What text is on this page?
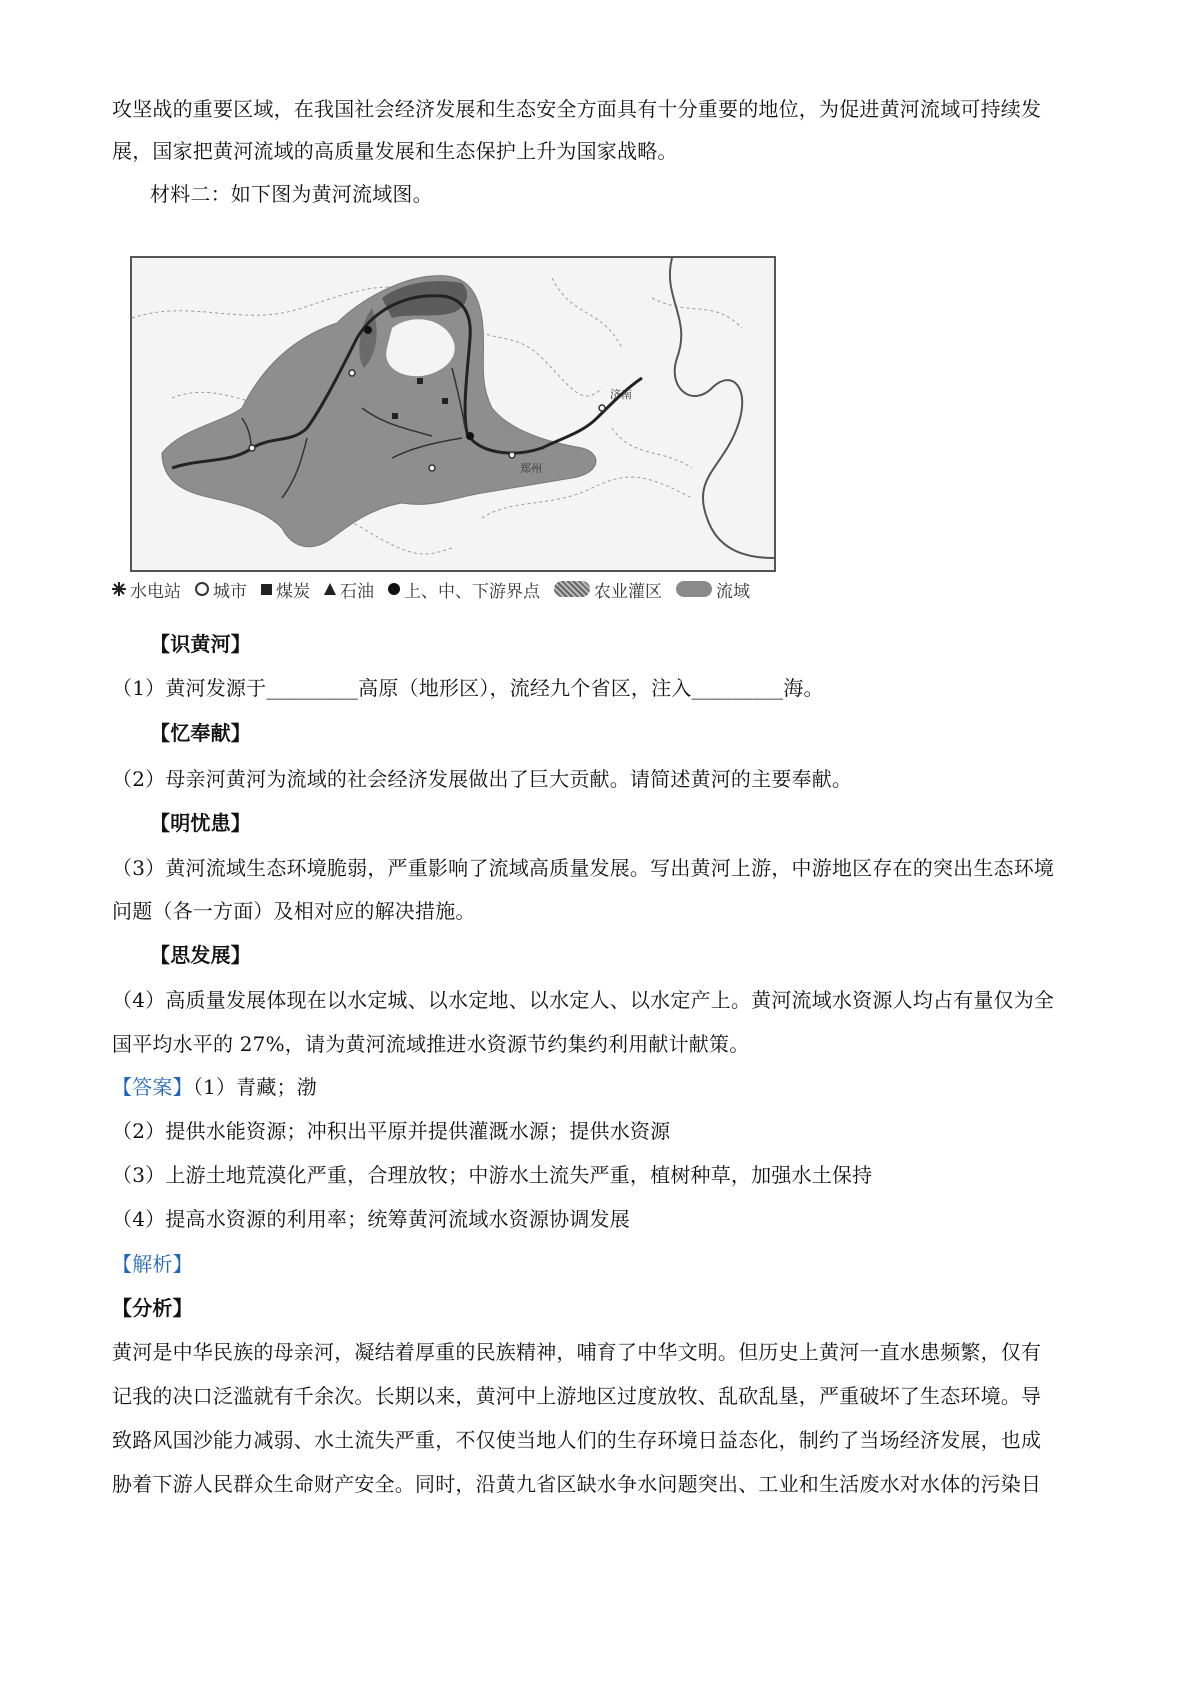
攻坚战的重要区域，在我国社会经济发展和生态安全方面具有十分重要的地位，为促进黄河流域可持续发

展，国家把黄河流域的高质量发展和生态保护上升为国家战略。

材料二：如下图为黄河流域图。

郑州
济南
水电站 城市 煤炭 石油 上、中、下游界点	农业灌区	流域

【识黄河】

（1）黄河发源于_________高原（地形区），流经九个省区，注入_________海。

【忆奉献】

（2）母亲河黄河为流域的社会经济发展做出了巨大贡献。请简述黄河的主要奉献。

【明忧患】

（3）黄河流域生态环境脆弱，严重影响了流域高质量发展。写出黄河上游，中游地区存在的突出生态环境

问题（各一方面）及相对应的解决措施。

【思发展】

（4）高质量发展体现在以水定城、以水定地、以水定人、以水定产上。黄河流域水资源人均占有量仅为全

国平均水平的 27%，请为黄河流域推进水资源节约集约利用献计献策。

【答案】（1）青藏；渤

（2）提供水能资源；冲积出平原并提供灌溉水源；提供水资源

（3）上游土地荒漠化严重，合理放牧；中游水土流失严重，植树种草，加强水土保持

（4）提高水资源的利用率；统筹黄河流域水资源协调发展

【解析】

【分析】

黄河是中华民族的母亲河，凝结着厚重的民族精神，哺育了中华文明。但历史上黄河一直水患频繁，仅有

记我的决口泛滥就有千余次。长期以来，黄河中上游地区过度放牧、乱砍乱垦，严重破坏了生态环境。导

致路风国沙能力减弱、水土流失严重，不仅使当地人们的生存环境日益态化，制约了当场经济发展，也成

胁着下游人民群众生命财产安全。同时，沿黄九省区缺水争水问题突出、工业和生活废水对水体的污染日
